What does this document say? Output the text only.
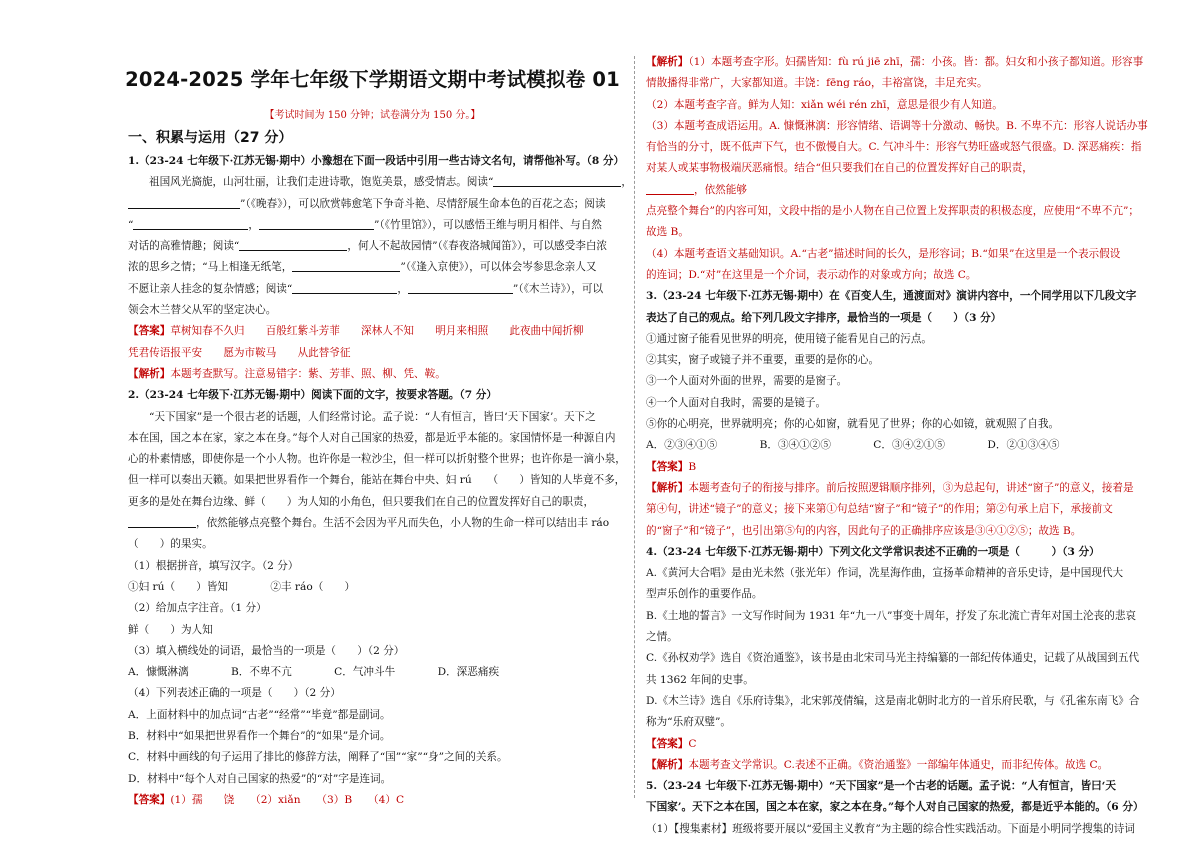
2024-2025 学年七年级下学期语文期中考试模拟卷 01
【考试时间为 150 分钟；试卷满分为 150 分。】
一、积累与运用（27 分）
1.（23-24 七年级下·江苏无锡·期中）小豫想在下面一段话中引用一些古诗文名句，请帮他补写。（8 分）
祖国风光旖旎，山河壮丽，让我们走进诗歌，饱览美景，感受情志。阅读“	，
”（《晚春》），可以欣赏韩愈笔下争奇斗艳、尽情舒展生命本色的百花之态；阅读
“	，	”（《竹里馆》），可以感悟王维与明月相伴、与自然
对话的高雅情趣；阅读“	，何人不起故园情”（《春夜洛城闻笛》），可以感受李白浓
浓的思乡之情；“马上相逢无纸笔，	”（《逢入京使》），可以体会岑参思念亲人又
不愿让亲人挂念的复杂情感；阅读“	，	”（《木兰诗》），可以
领会木兰替父从军的坚定决心。
【答案】草树知春不久归　　百般红紫斗芳菲　　深林人不知　　明月来相照　　此夜曲中闻折柳
凭君传语报平安　　愿为市鞍马　　从此替爷征
【解析】本题考查默写。注意易错字：紫、芳菲、照、柳、凭、鞍。
2.（23-24 七年级下·江苏无锡·期中）阅读下面的文字，按要求答题。（7 分）
“天下国家”是一个很古老的话题，人们经常讨论。孟子说：“人有恒言，皆曰‘天下国家’。天下之
本在国，国之本在家，家之本在身。”每个人对自己国家的热爱，都是近乎本能的。家国情怀是一种源自内
心的朴素情感，即使你是一个小人物。也许你是一粒沙尘，但一样可以折射整个世界；也许你是一滴小泉，
但一样可以奏出天籁。如果把世界看作一个舞台，能站在舞台中央、妇 rú　　（　　）皆知的人毕竟不多，
更多的是处在舞台边缘、鲜（　　）为人知的小角色，但只要我们在自己的位置发挥好自己的职责，
，依然能够点亮整个舞台。生活不会因为平凡而失色，小人物的生命一样可以结出丰 ráo
（　　）的果实。
（1）根据拼音，填写汉字。（2 分）
①妇 rú（　　）皆知　　　　②丰 ráo（　　）
（2）给加点字注音。（1 分）
鲜（　　）为人知
（3）填入横线处的词语，最恰当的一项是（　　）（2 分）
A．慷慨淋漓　　　　B．不卑不亢　　　　C．气冲斗牛　　　　D．深恶痛疾
（4）下列表述正确的一项是（　　）（2 分）
A．上面材料中的加点词“古老”“经常”“毕竟”都是副词。
B．材料中“如果把世界看作一个舞台”的“如果”是介词。
C．材料中画线的句子运用了排比的修辞方法，阐释了“国”“家”“身”之间的关系。
D．材料中“每个人对自己国家的热爱”的“对”字是连词。
【答案】(1）孺　　饶　　（2）xiǎn　　（3）B　　（4）C
【解析】（1）本题考查字形。妇孺皆知：fù rú jiē zhī，孺：小孩。皆：都。妇女和小孩子都知道。形容事
情散播得非常广，大家都知道。丰饶：fēng ráo，丰裕富饶，丰足充实。
（2）本题考查字音。鲜为人知：xiǎn wéi rén zhī，意思是很少有人知道。
（3）本题考查成语运用。A. 慷慨淋漓：形容情绪、语调等十分激动、畅快。B. 不卑不亢：形容人说话办事
有恰当的分寸，既不低声下气，也不傲慢自大。C. 气冲斗牛：形容气势旺盛或怒气很盛。D. 深恶痛疾：指
对某人或某事物极端厌恶痛恨。结合“但只要我们在自己的位置发挥好自己的职责，
，依然能够
点亮整个舞台”的内容可知，文段中指的是小人物在自己位置上发挥职责的积极态度，应使用“不卑不亢”；
故选 B。
（4）本题考查语文基础知识。A.“古老”描述时间的长久，是形容词；B.“如果”在这里是一个表示假设
的连词；D.“对”在这里是一个介词，表示动作的对象或方向；故选 C。
3.（23-24 七年级下·江苏无锡·期中）在《百变人生，通渡面对》演讲内容中，一个同学用以下几段文字
表达了自己的观点。给下列几段文字排序，最恰当的一项是（　　）（3 分）
①通过窗子能看见世界的明亮，使用镜子能看见自己的污点。
②其实，窗子或镜子并不重要，重要的是你的心。
③一个人面对外面的世界，需要的是窗子。
④一个人面对自我时，需要的是镜子。
⑤你的心明亮，世界就明亮；你的心如窗，就看见了世界；你的心如镜，就观照了自我。
A．②③④①⑤　　　　B．③④①②⑤　　　　C．③④②①⑤　　　　D．②①③④⑤
【答案】B
【解析】本题考查句子的衔接与排序。前后按照逻辑顺序排列，③为总起句，讲述“窗子”的意义，接着是
第④句，讲述“镜子”的意义；接下来第①句总结“窗子”和“镜子”的作用；第②句承上启下，承接前文
的“窗子”和“镜子”，也引出第⑤句的内容，因此句子的正确排序应该是③④①②⑤；故选 B。
4.（23-24 七年级下·江苏无锡·期中）下列文化文学常识表述不正确的一项是（　　　）（3 分）
A.《黄河大合唱》是由光未然（张光年）作词，冼星海作曲，宣扬革命精神的音乐史诗，是中国现代大
型声乐创作的重要作品。
B.《土地的誓言》一文写作时间为 1931 年“九一八”事变十周年，抒发了东北流亡青年对国土沦丧的悲哀
之情。
C.《孙权劝学》选自《资治通鉴》，该书是由北宋司马光主持编纂的一部纪传体通史，记载了从战国到五代
共 1362 年间的史事。
D.《木兰诗》选自《乐府诗集》，北宋郭茂倩编，这是南北朝时北方的一首乐府民歌，与《孔雀东南飞》合
称为“乐府双璧”。
【答案】C
【解析】本题考查文学常识。C.表述不正确。《资治通鉴》一部编年体通史，而非纪传体。故选 C。
5.（23-24 七年级下·江苏无锡·期中）“天下国家”是一个古老的话题。孟子说：“人有恒言，皆曰‘天
下国家’。天下之本在国，国之本在家，家之本在身。”每个人对自己国家的热爱，都是近乎本能的。（6 分）
（1）【搜集素材】班级将要开展以“爱国主义教育”为主题的综合性实践活动。下面是小明同学搜集的诗词
